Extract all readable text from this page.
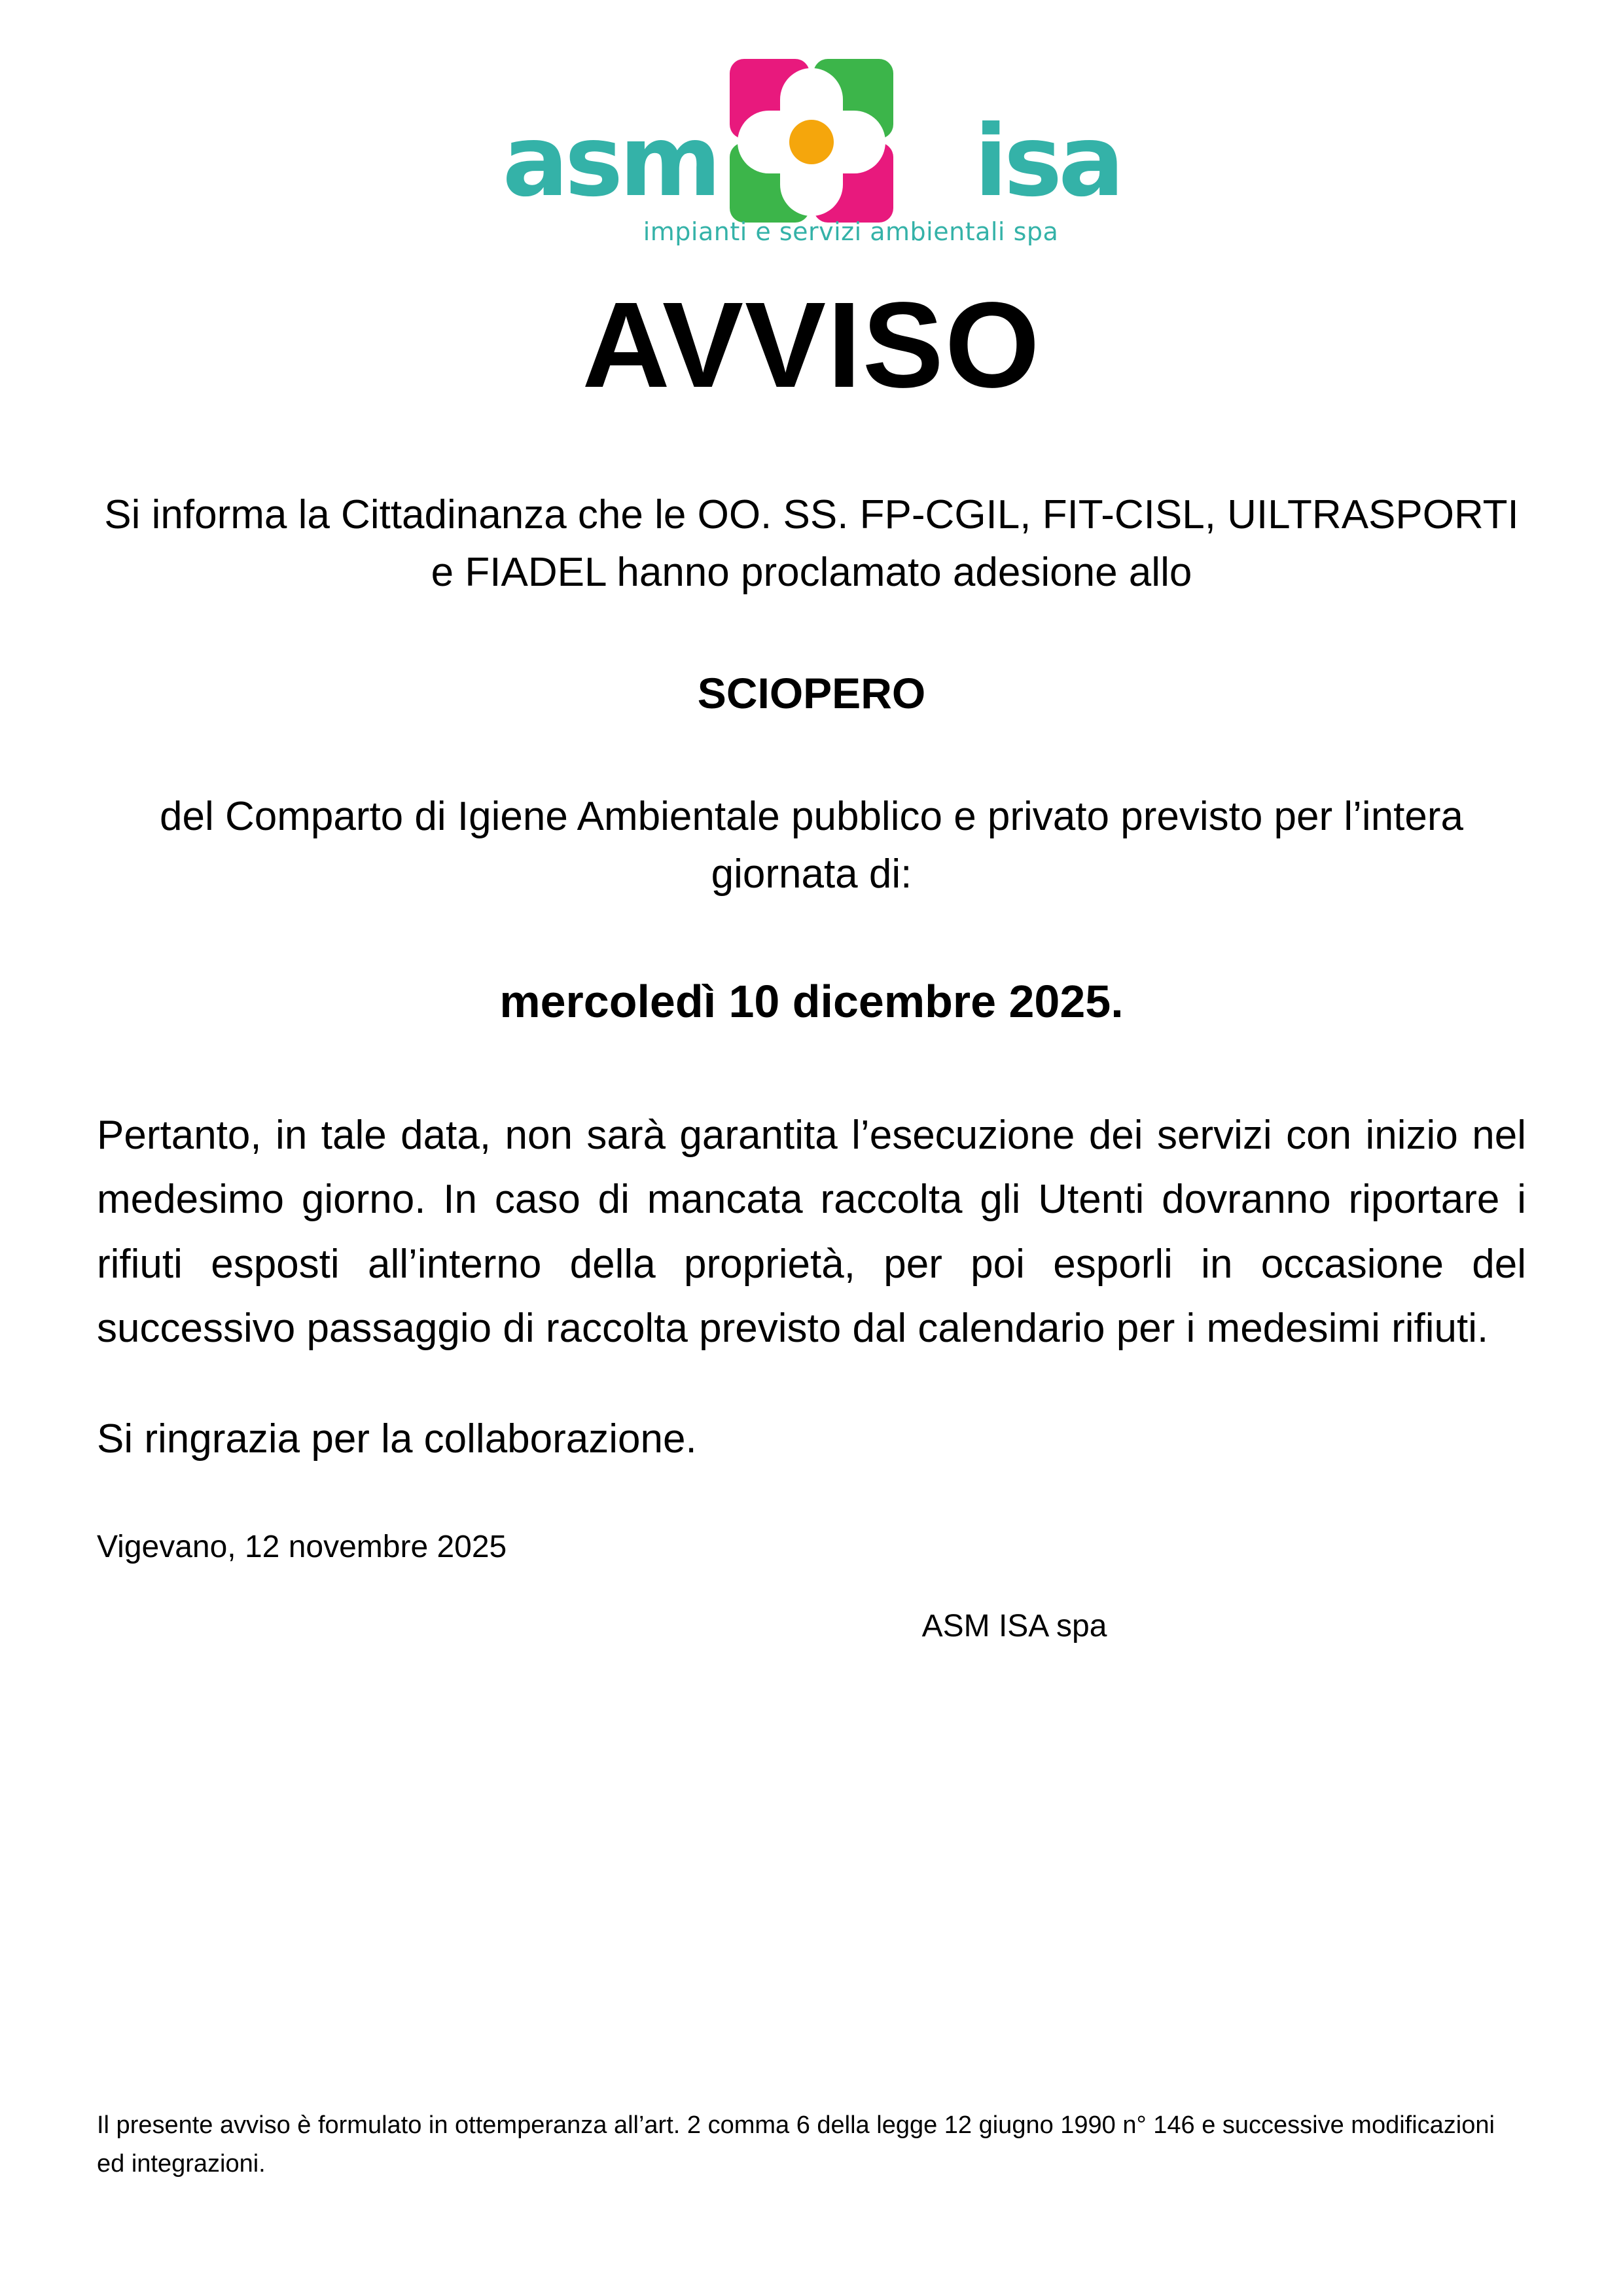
asm	isa
impianti e servizi ambientali spa
AVVISO

Si informa la Cittadinanza che le OO. SS. FP-CGIL, FIT-CISL, UILTRASPORTI e FIADEL hanno proclamato adesione allo

SCIOPERO

del Comparto di Igiene Ambientale pubblico e privato previsto per l’intera giornata di:

mercoledì 10 dicembre 2025.

Pertanto, in tale data, non sarà garantita l’esecuzione dei servizi con inizio nel medesimo giorno. In caso di mancata raccolta gli Utenti dovranno riportare i rifiuti esposti all’interno della proprietà, per poi esporli in occasione del successivo passaggio di raccolta previsto dal calendario per i medesimi rifiuti.

Si ringrazia per la collaborazione.

Vigevano, 12 novembre 2025

ASM ISA spa

Il presente avviso è formulato in ottemperanza all’art. 2 comma 6 della legge 12 giugno 1990 n° 146 e successive modificazioni ed integrazioni.
